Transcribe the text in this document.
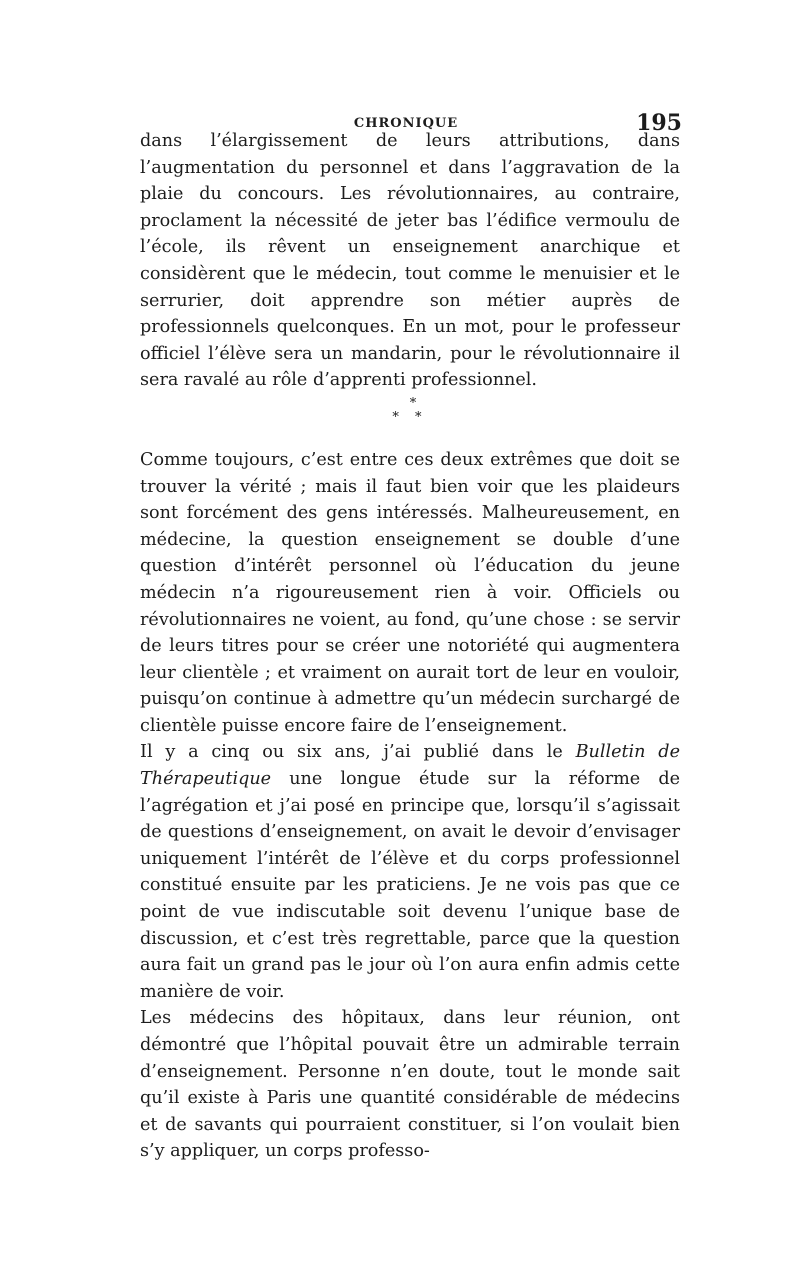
CHRONIQUE	195

dans l’élargissement de leurs attributions, dans l’augmentation du personnel et dans l’aggravation de la plaie du concours. Les révolutionnaires, au contraire, proclament la nécessité de jeter bas l’édifice vermoulu de l’école, ils rêvent un enseignement anarchique et considèrent que le médecin, tout comme le menuisier et le serrurier, doit apprendre son métier auprès de professionnels quelconques. En un mot, pour le professeur officiel l’élève sera un mandarin, pour le révolutionnaire il sera ravalé au rôle d’apprenti professionnel.

*
* *

Comme toujours, c’est entre ces deux extrêmes que doit se trouver la vérité ; mais il faut bien voir que les plaideurs sont forcément des gens intéressés. Malheureusement, en médecine, la question enseignement se double d’une question d’intérêt personnel où l’éducation du jeune médecin n’a rigoureusement rien à voir. Officiels ou révolutionnaires ne voient, au fond, qu’une chose : se servir de leurs titres pour se créer une notoriété qui augmentera leur clientèle ; et vraiment on aurait tort de leur en vouloir, puisqu’on continue à admettre qu’un médecin surchargé de clientèle puisse encore faire de l’enseignement.

Il y a cinq ou six ans, j’ai publié dans le Bulletin de Thérapeutique une longue étude sur la réforme de l’agrégation et j’ai posé en principe que, lorsqu’il s’agissait de questions d’enseignement, on avait le devoir d’envisager uniquement l’intérêt de l’élève et du corps professionnel constitué ensuite par les praticiens. Je ne vois pas que ce point de vue indiscutable soit devenu l’unique base de discussion, et c’est très regrettable, parce que la question aura fait un grand pas le jour où l’on aura enfin admis cette manière de voir.

Les médecins des hôpitaux, dans leur réunion, ont démontré que l’hôpital pouvait être un admirable terrain d’enseignement. Personne n’en doute, tout le monde sait qu’il existe à Paris une quantité considérable de médecins et de savants qui pourraient constituer, si l’on voulait bien s’y appliquer, un corps professo-
